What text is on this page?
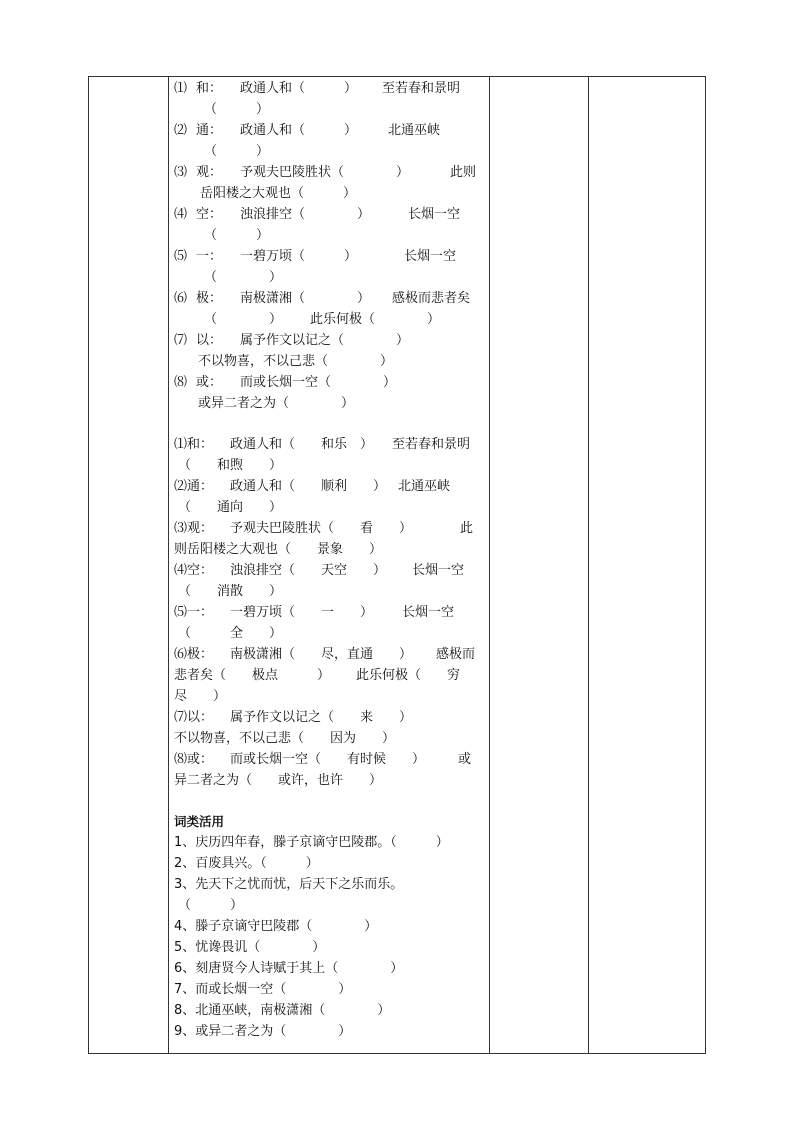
⑴ 和： 政通人和（　　　） 至若春和景明
（　　　）
⑵ 通： 政通人和（　　　） 北通巫峡
（　　　）
⑶ 观： 予观夫巴陵胜状（　　　　）	此则
岳阳楼之大观也（　　　）
⑷ 空： 浊浪排空（　　　　）	长烟一空
（　　　）
⑸ 一： 一碧万顷（　　　）	长烟一空
（　　　　）
⑹ 极： 南极潇湘（　　　　） 感极而悲者矣
（　　　　） 此乐何极（　　　　）
⑺ 以： 属予作文以记之（　　　　）
不以物喜，不以己悲（　　　　）
⑻ 或： 而或长烟一空（　　　　）
或异二者之为（　　　　）
⑴和： 政通人和（　　和乐　） 至若春和景明
（　　和煦　　）
⑵通： 政通人和（　　顺利　　） 北通巫峡
（　　通向　　）
⑶观： 予观夫巴陵胜状（　　看　　）	此
则岳阳楼之大观也（　　景象　　）
⑷空： 浊浪排空（　　天空　　） 长烟一空
（　　消散　　）
⑸一： 一碧万顷（　　一　　） 长烟一空
（　　　全　　）
⑹极： 南极潇湘（　　尽，直通　　） 感极而
悲者矣（　　极点　　　） 此乐何极（　　穷
尽　　）
⑺以： 属予作文以记之（　　来　　）
不以物喜，不以己悲（　　因为　　）
⑻或： 而或长烟一空（　　有时候　　）	或
异二者之为（　　或许，也许　　）
词类活用
1、庆历四年春，滕子京谪守巴陵郡。（　　　）
2、百废具兴。（　　　）
3、先天下之忧而忧，后天下之乐而乐。
（　　　）
4、滕子京谪守巴陵郡（　　　　）
5、忧谗畏讥（　　　　）
6、刻唐贤今人诗赋于其上（　　　　）
7、而或长烟一空（　　　　）
8、北通巫峡，南极潇湘（　　　　）
9、或异二者之为（　　　　）
